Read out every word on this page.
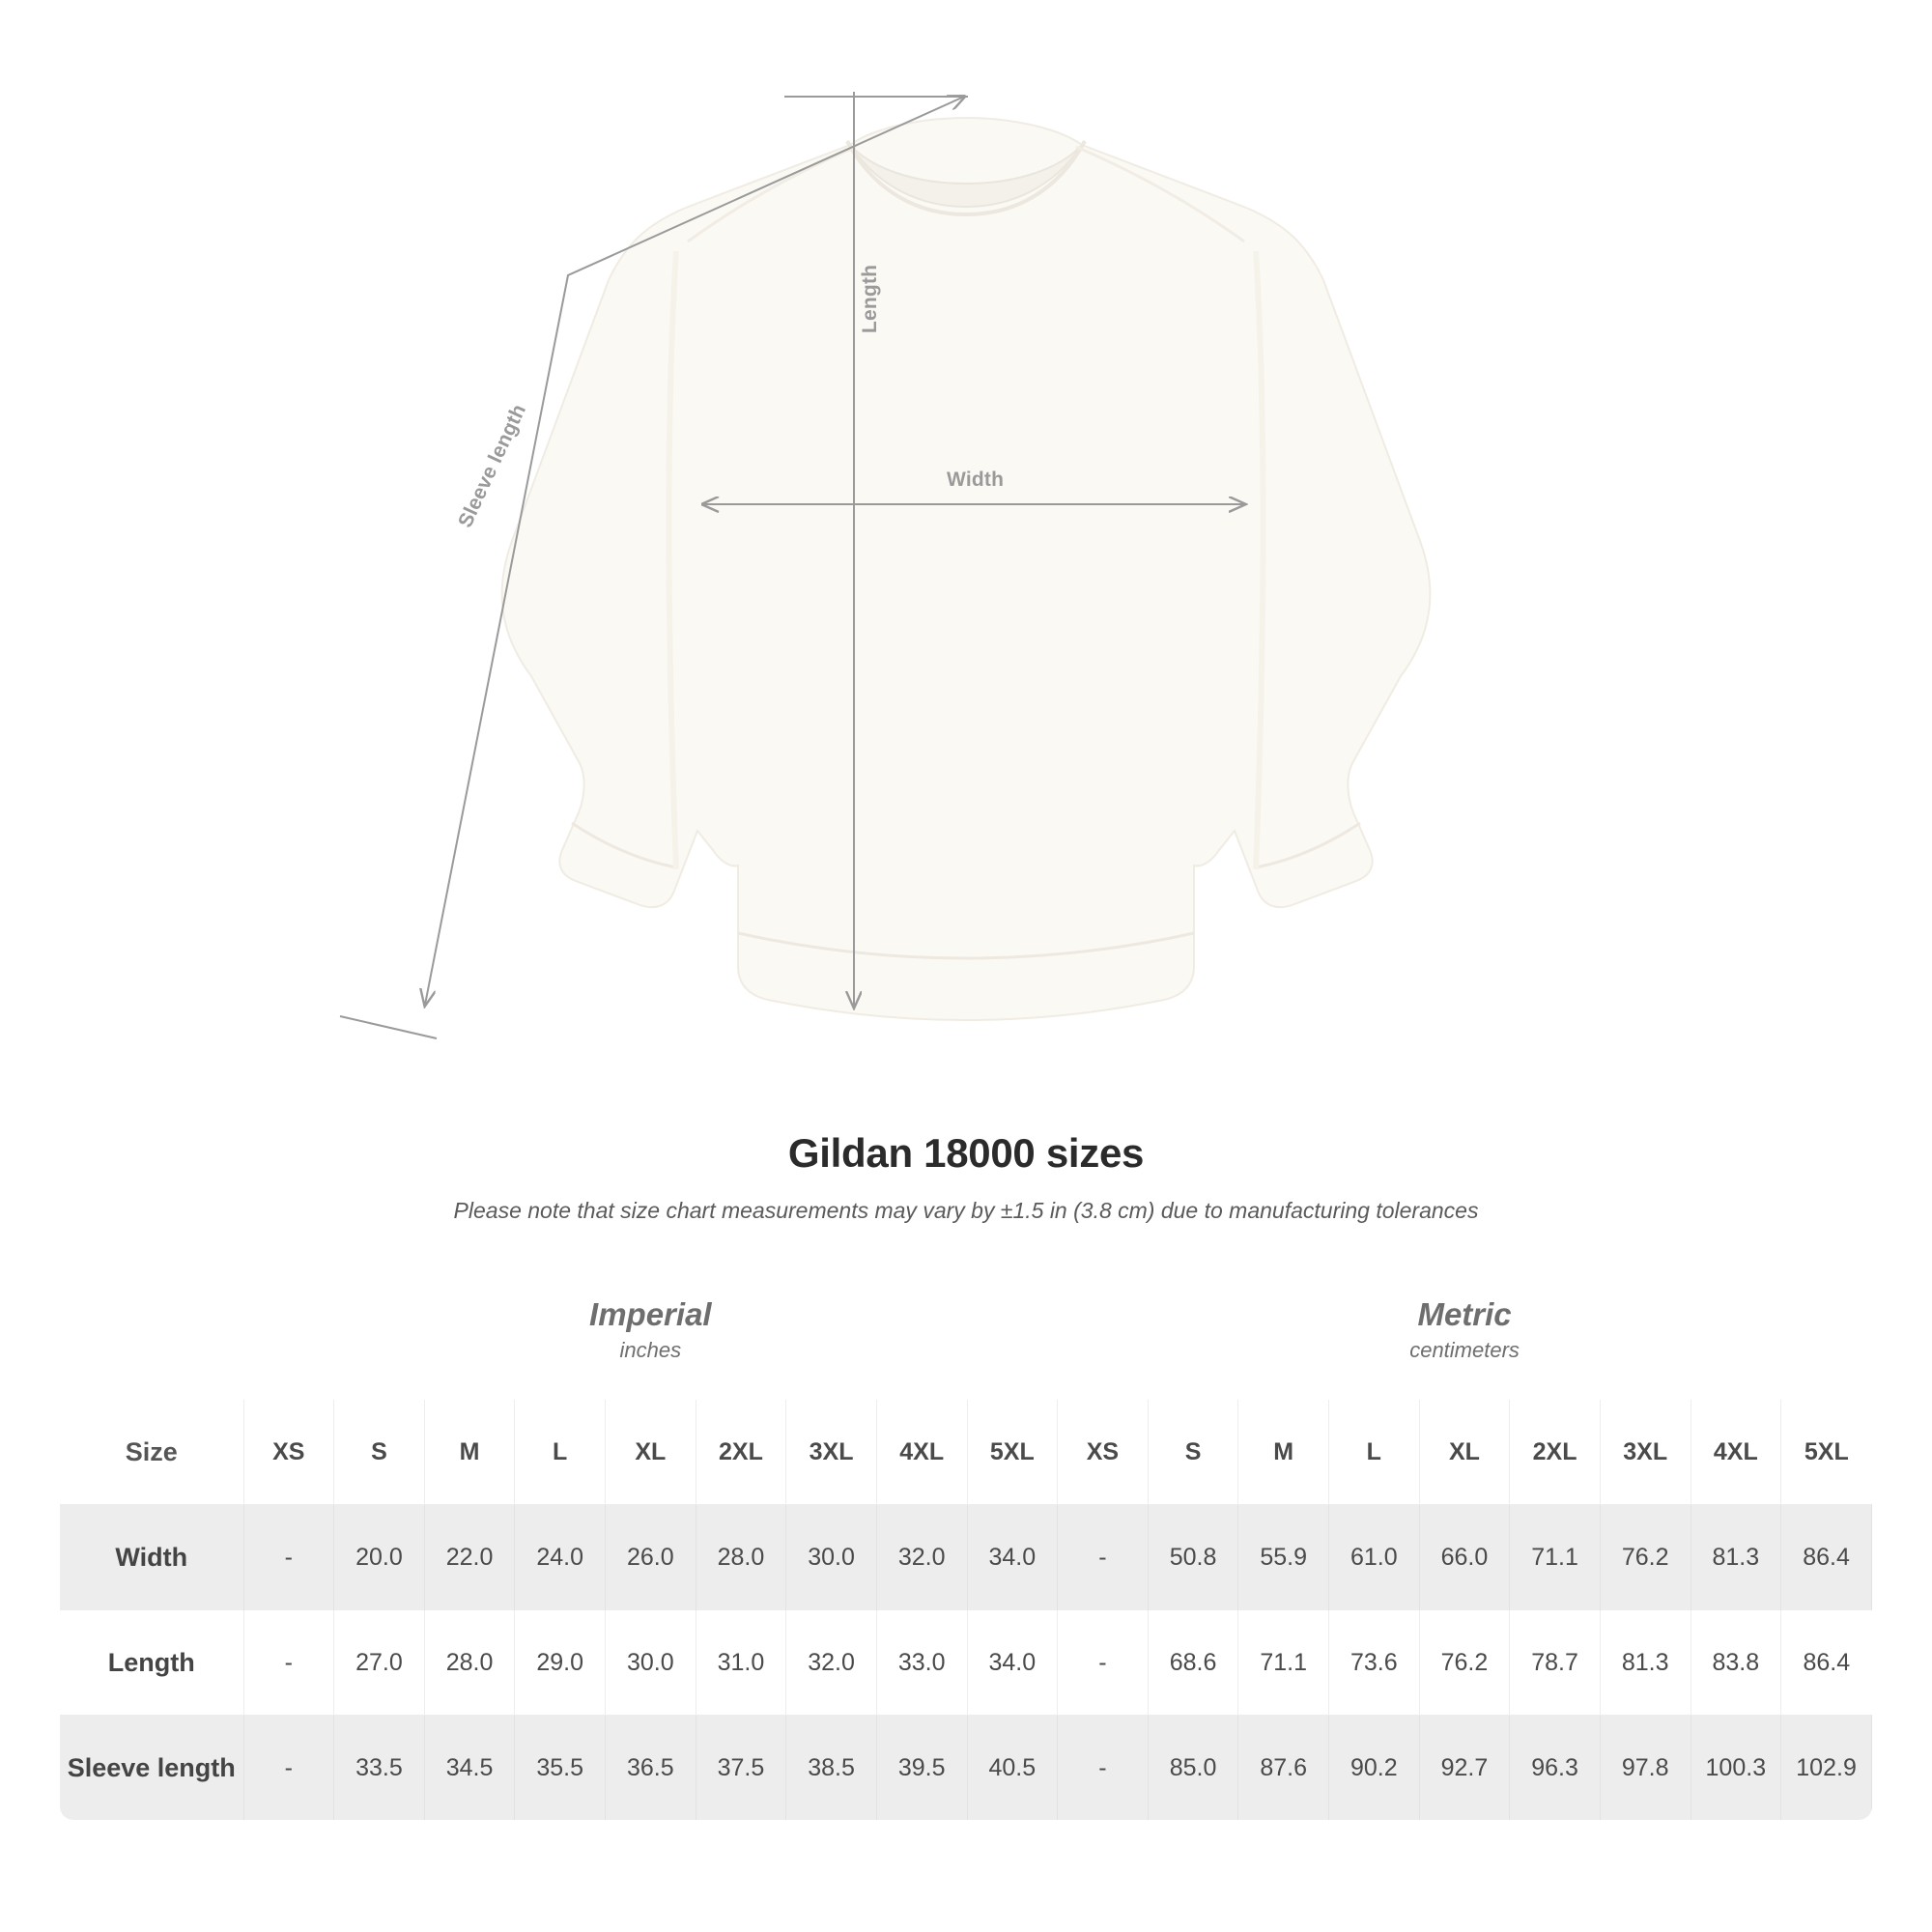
Width
Length
Sleeve length
Gildan 18000 sizes
Please note that size chart measurements may vary by ±1.5 in (3.8 cm) due to manufacturing tolerances

Imperial
inches

Metric
centimeters

Size	XS	S	M	L	XL	2XL	3XL	4XL	5XL	XS	S	M	L	XL	2XL	3XL	4XL	5XL
Width	-	20.0	22.0	24.0	26.0	28.0	30.0	32.0	34.0	-	50.8	55.9	61.0	66.0	71.1	76.2	81.3	86.4
Length	-	27.0	28.0	29.0	30.0	31.0	32.0	33.0	34.0	-	68.6	71.1	73.6	76.2	78.7	81.3	83.8	86.4
Sleeve length	-	33.5	34.5	35.5	36.5	37.5	38.5	39.5	40.5	-	85.0	87.6	90.2	92.7	96.3	97.8	100.3	102.9
